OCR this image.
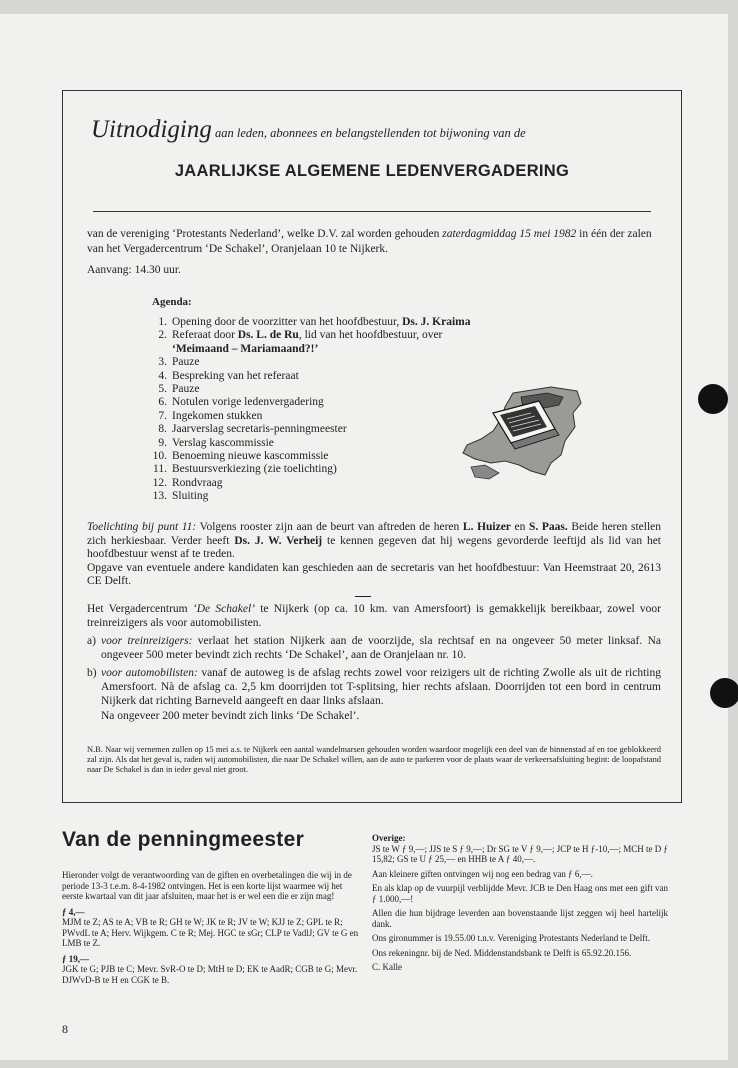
Uitnodiging aan leden, abonnees en belangstellenden tot bijwoning van de
JAARLIJKSE ALGEMENE LEDENVERGADERING

van de vereniging ‘Protestants Nederland’, welke D.V. zal worden gehouden zaterdagmiddag 15 mei 1982 in één der zalen van het Vergadercentrum ‘De Schakel’, Oranjelaan 10 te Nijkerk.

Aanvang: 14.30 uur.
Agenda:
1. Opening door de voorzitter van het hoofdbestuur, Ds. J. Kraima
2. Referaat door Ds. L. de Ru, lid van het hoofdbestuur, over
‘Meimaand – Mariamaand?!’
3. Pauze
4. Bespreking van het referaat
5. Pauze
6. Notulen vorige ledenvergadering
7. Ingekomen stukken
8. Jaarverslag secretaris-penningmeester
9. Verslag kascommissie
10. Benoeming nieuwe kascommissie
11. Bestuursverkiezing (zie toelichting)
12. Rondvraag
13. Sluiting

Toelichting bij punt 11: Volgens rooster zijn aan de beurt van aftreden de heren L. Huizer en S. Paas. Beide heren stellen zich herkiesbaar. Verder heeft Ds. J. W. Verheij te kennen gegeven dat hij wegens gevorderde leeftijd als lid van het hoofdbestuur wenst af te treden.

Opgave van eventuele andere kandidaten kan geschieden aan de secretaris van het hoofdbestuur: Van Heemstraat 20, 2613 CE Delft.

Het Vergadercentrum ‘De Schakel’ te Nijkerk (op ca. 10 km. van Amersfoort) is gemakkelijk bereikbaar, zowel voor treinreizigers als voor automobilisten.

a) voor treinreizigers: verlaat het station Nijkerk aan de voorzijde, sla rechtsaf en na ongeveer 50 meter linksaf. Na ongeveer 500 meter bevindt zich rechts ‘De Schakel’, aan de Oranjelaan nr. 10.
b) voor automobilisten: vanaf de autoweg is de afslag rechts zowel voor reizigers uit de richting Zwolle als uit de richting Amersfoort. Nà de afslag ca. 2,5 km doorrijden tot T-splitsing, hier rechts afslaan. Doorrijden tot een bord in centrum Nijkerk dat richting Barneveld aangeeft en daar links afslaan.
Na ongeveer 200 meter bevindt zich links ‘De Schakel’.
N.B. Naar wij vernemen zullen op 15 mei a.s. te Nijkerk een aantal wandelmarsen gehouden worden waardoor mogelijk een deel van de binnenstad af en toe geblokkeerd zal zijn. Als dat het geval is, raden wij automobilisten, die naar De Schakel willen, aan de auto te parkeren voor de plaats waar de verkeersafsluiting begint: de loopafstand naar De Schakel is dan in ieder geval niet groot.
Van de penningmeester

Hieronder volgt de verantwoording van de giften en overbetalingen die wij in de periode 13-3 t.e.m. 8-4-1982 ontvingen. Het is een korte lijst waarmee wij het eerste kwartaal van dit jaar afsluiten, maar het is er wel een die er zijn mag!

ƒ 4,—
MJM te Z; AS te A; VB te R; GH te W; JK te R; JV te W; KJJ te Z; GPL te R; PWvdL te A; Herv. Wijkgem. C te R; Mej. HGC te sGr; CLP te VadlJ; GV te G en LMB te Z.

ƒ 19,—
JGK te G; PJB te C; Mevr. SvR-O te D; MtH te D; EK te AadR; CGB te G; Mevr. DJWvD-B te H en CGK te B.

Overige:
JS te W ƒ 9,—; JJS te S ƒ 9,—; Dr SG te V ƒ 9,—; JCP te H ƒ-10,—; MCH te D ƒ 15,82; GS te U ƒ 25,— en HHB te A ƒ 40,—.

Aan kleinere giften ontvingen wij nog een bedrag van ƒ 6,—.

En als klap op de vuurpijl verblijdde Mevr. JCB te Den Haag ons met een gift van ƒ 1.000,—!

Allen die hun bijdrage leverden aan bovenstaande lijst zeggen wij heel hartelijk dank.

Ons gironummer is 19.55.00 t.n.v. Vereniging Protestants Nederland te Delft.

Ons rekeningnr. bij de Ned. Middenstandsbank te Delft is 65.92.20.156.

C. Kalle

8
